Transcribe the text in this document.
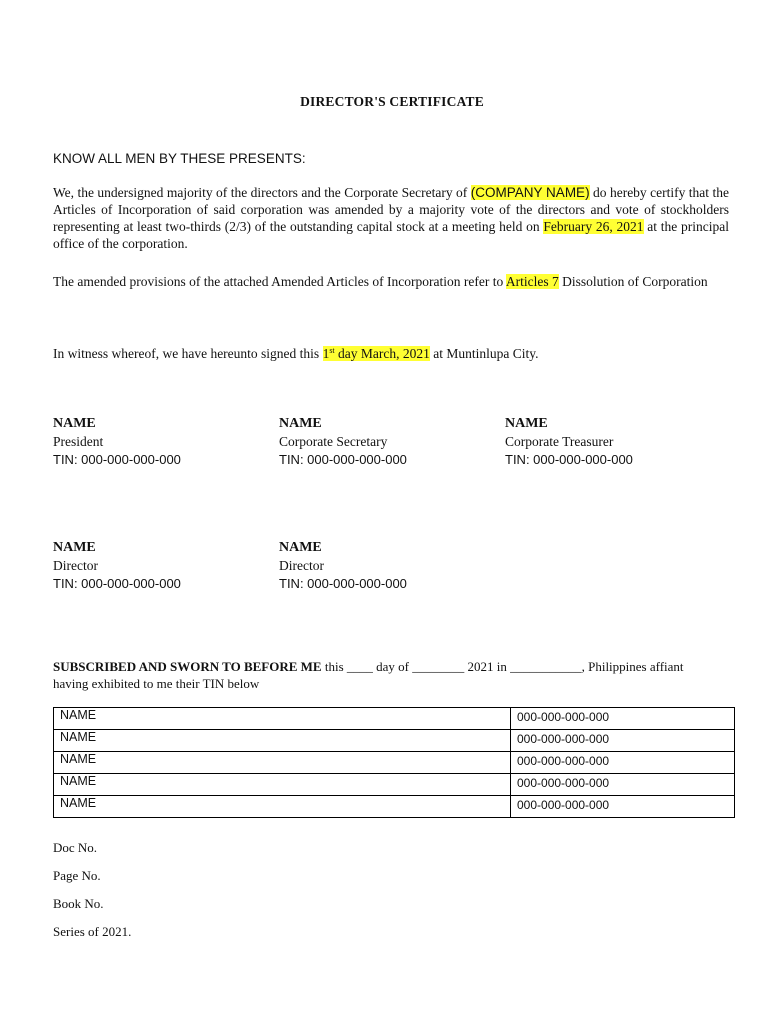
DIRECTOR'S CERTIFICATE
KNOW ALL MEN BY THESE PRESENTS:
We, the undersigned majority of the directors and the Corporate Secretary of (COMPANY NAME) do hereby certify that the Articles of Incorporation of said corporation was amended by a majority vote of the directors and vote of stockholders representing at least two-thirds (2/3) of the outstanding capital stock at a meeting held on February 26, 2021 at the principal office of the corporation.
The amended provisions of the attached Amended Articles of Incorporation refer to Articles 7 Dissolution of Corporation
In witness whereof, we have hereunto signed this 1st day March, 2021 at Muntinlupa City.
NAME
President
TIN: 000-000-000-000
NAME
Corporate Secretary
TIN: 000-000-000-000
NAME
Corporate Treasurer
TIN: 000-000-000-000
NAME
Director
TIN: 000-000-000-000
NAME
Director
TIN: 000-000-000-000
SUBSCRIBED AND SWORN TO BEFORE ME this ____ day of ________ 2021 in ___________, Philippines affiant
having exhibited to me their TIN below
NAME	000-000-000-000
NAME	000-000-000-000
NAME	000-000-000-000
NAME	000-000-000-000
NAME	000-000-000-000
Doc No.
Page No.
Book No.
Series of 2021.
